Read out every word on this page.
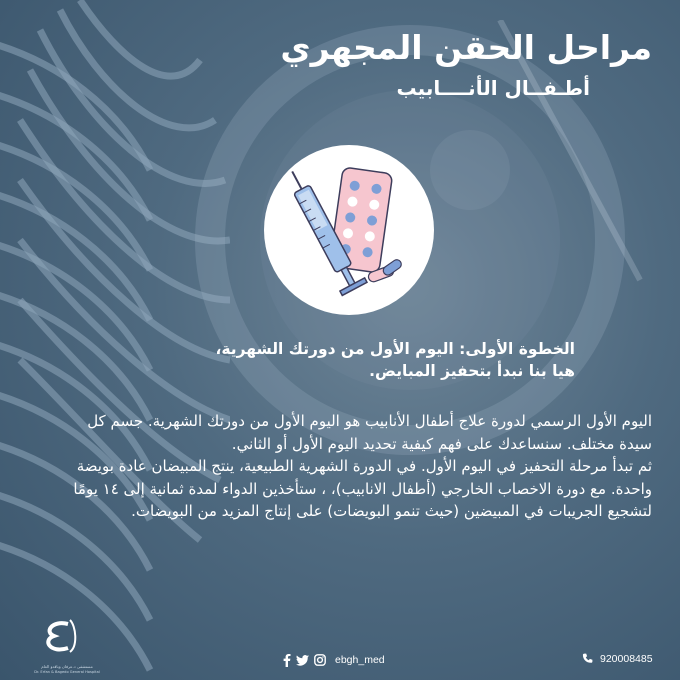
مراحل الحقن المجهري
أطـفــال الأنــــابيب
الخطوة الأولى: اليوم الأول من دورتك الشهرية،
هيا بنا نبدأ بتحفيز المبايض.

اليوم الأول الرسمي لدورة علاج أطفال الأنابيب هو اليوم الأول من دورتك الشهرية. جسم كل سيدة مختلف. سنساعدك على فهم كيفية تحديد اليوم الأول أو الثاني.

ثم تبدأ مرحلة التحفيز في اليوم الأول. في الدورة الشهرية الطبيعية، ينتج المبيضان عادة بويضة واحدة. مع دورة الاخصاب الخارجي (أطفال الانابيب)، ، ستأخذين الدواء لمدة ثمانية إلى ١٤ يومًا لتشجيع الجريبات في المبيضين (حيث تنمو البويضات) على إنتاج المزيد من البويضات.

مستشفى د.عرفان وباقدو العام
Dr. Erfan & Bagedo General Hospital
ebgh_med	920008485
